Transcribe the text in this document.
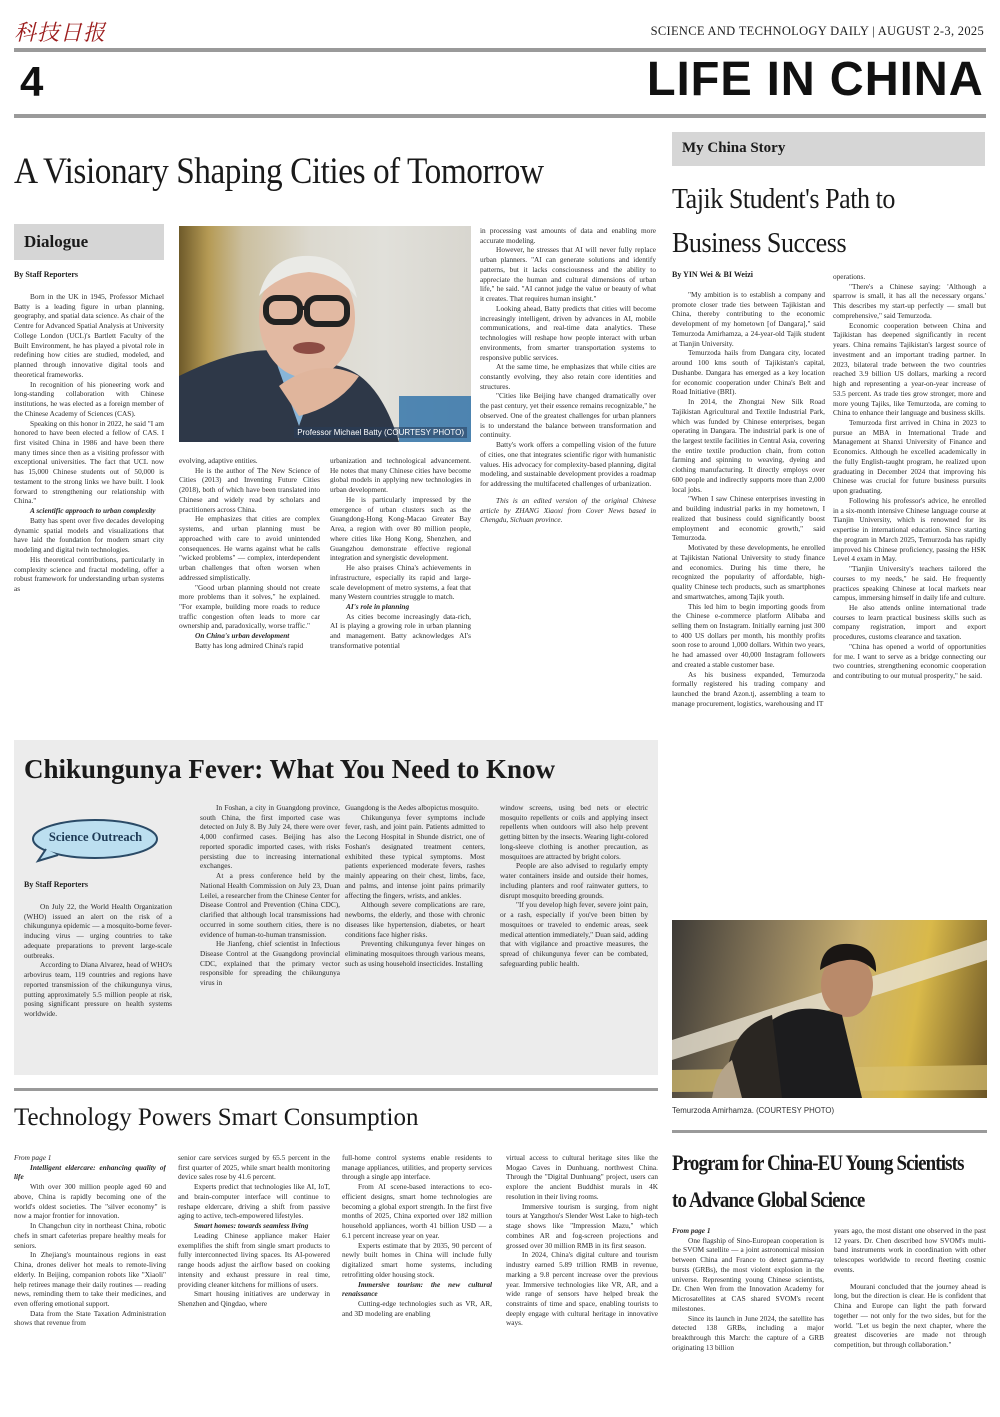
科技日报	SCIENCE AND TECHNOLOGY DAILY | AUGUST 2-3, 2025
4	LIFE IN CHINA
A Visionary Shaping Cities of Tomorrow
Dialogue
By Staff Reporters

Born in the UK in 1945, Professor Michael Batty is a leading figure in urban planning, geography, and spatial data science. As chair of the Centre for Advanced Spatial Analysis at University College London (UCL)'s Bartlett Faculty of the Built Environment, he has played a pivotal role in redefining how cities are studied, modeled, and planned through innovative digital tools and theoretical frameworks.

In recognition of his pioneering work and long-standing collaboration with Chinese institutions, he was elected as a foreign member of the Chinese Academy of Sciences (CAS).

Speaking on this honor in 2022, he said "I am honored to have been elected a fellow of CAS. I first visited China in 1986 and have been there many times since then as a visiting professor with exceptional universities. The fact that UCL now has 15,000 Chinese students out of 50,000 is testament to the strong links we have built. I look forward to strengthening our relationship with China."

A scientific approach to urban complexity

Batty has spent over five decades developing dynamic spatial models and visualizations that have laid the foundation for modern smart city modeling and digital twin technologies.

His theoretical contributions, particularly in complexity science and fractal modeling, offer a robust framework for understanding urban systems as

Professor Michael Batty (COURTESY PHOTO)

evolving, adaptive entities.

He is the author of The New Science of Cities (2013) and Inventing Future Cities (2018), both of which have been translated into Chinese and widely read by scholars and practitioners across China.

He emphasizes that cities are complex systems, and urban planning must be approached with care to avoid unintended consequences. He warns against what he calls "wicked problems" — complex, interdependent urban challenges that often worsen when addressed simplistically.

"Good urban planning should not create more problems than it solves," he explained. "For example, building more roads to reduce traffic congestion often leads to more car ownership and, paradoxically, worse traffic."

On China's urban development

Batty has long admired China's rapid

urbanization and technological advancement. He notes that many Chinese cities have become global models in applying new technologies in urban development.

He is particularly impressed by the emergence of urban clusters such as the Guangdong-Hong Kong-Macao Greater Bay Area, a region with over 80 million people, where cities like Hong Kong, Shenzhen, and Guangzhou demonstrate effective regional integration and synergistic development.

He also praises China's achievements in infrastructure, especially its rapid and large-scale development of metro systems, a feat that many Western countries struggle to match.

AI's role in planning

As cities become increasingly data-rich, AI is playing a growing role in urban planning and management. Batty acknowledges AI's transformative potential

in processing vast amounts of data and enabling more accurate modeling.

However, he stresses that AI will never fully replace urban planners. "AI can generate solutions and identify patterns, but it lacks consciousness and the ability to appreciate the human and cultural dimensions of urban life," he said. "AI cannot judge the value or beauty of what it creates. That requires human insight."

Looking ahead, Batty predicts that cities will become increasingly intelligent, driven by advances in AI, mobile communications, and real-time data analytics. These technologies will reshape how people interact with urban environments, from smarter transportation systems to responsive public services.

At the same time, he emphasizes that while cities are constantly evolving, they also retain core identities and structures.

"Cities like Beijing have changed dramatically over the past century, yet their essence remains recognizable," he observed. One of the greatest challenges for urban planners is to understand the balance between transformation and continuity.

Batty's work offers a compelling vision of the future of cities, one that integrates scientific rigor with humanistic values. His advocacy for complexity-based planning, digital modeling, and sustainable development provides a roadmap for addressing the multifaceted challenges of urbanization.

This is an edited version of the original Chinese article by ZHANG Xiaoxi from Cover News based in Chengdu, Sichuan province.

Chikungunya Fever: What You Need to Know
Science Outreach
By Staff Reporters

On July 22, the World Health Organization (WHO) issued an alert on the risk of a chikungunya epidemic — a mosquito-borne fever-inducing virus — urging countries to take adequate preparations to prevent large-scale outbreaks.

According to Diana Alvarez, head of WHO's arbovirus team, 119 countries and regions have reported transmission of the chikungunya virus, putting approximately 5.5 million people at risk, posing significant pressure on health systems worldwide.

In Foshan, a city in Guangdong province, south China, the first imported case was detected on July 8. By July 24, there were over 4,000 confirmed cases. Beijing has also reported sporadic imported cases, with risks persisting due to increasing international exchanges.

At a press conference held by the National Health Commission on July 23, Duan Leilei, a researcher from the Chinese Center for Disease Control and Prevention (China CDC), clarified that although local transmissions had occurred in some southern cities, there is no evidence of human-to-human transmission.

He Jianfeng, chief scientist in Infectious Disease Control at the Guangdong provincial CDC, explained that the primary vector responsible for spreading the chikungunya virus in

Guangdong is the Aedes albopictus mosquito.

Chikungunya fever symptoms include fever, rash, and joint pain. Patients admitted to the Lecong Hospital in Shunde district, one of Foshan's designated treatment centers, exhibited these typical symptoms. Most patients experienced moderate fevers, rashes mainly appearing on their chest, limbs, face, and palms, and intense joint pains primarily affecting the fingers, wrists, and ankles.

Although severe complications are rare, newborns, the elderly, and those with chronic diseases like hypertension, diabetes, or heart conditions face higher risks.

Preventing chikungunya fever hinges on eliminating mosquitoes through various means, such as using household insecticides. Installing

window screens, using bed nets or electric mosquito repellents or coils and applying insect repellents when outdoors will also help prevent getting bitten by the insects. Wearing light-colored long-sleeve clothing is another precaution, as mosquitoes are attracted by bright colors.

People are also advised to regularly empty water containers inside and outside their homes, including planters and roof rainwater gutters, to disrupt mosquito breeding grounds.

"If you develop high fever, severe joint pain, or a rash, especially if you've been bitten by mosquitoes or traveled to endemic areas, seek medical attention immediately," Duan said, adding that with vigilance and proactive measures, the spread of chikungunya fever can be combated, safeguarding public health.

My China Story
Tajik Student's Path to
Business Success
By YIN Wei & BI Weizi

"My ambition is to establish a company and promote closer trade ties between Tajikistan and China, thereby contributing to the economic development of my hometown [of Dangara]," said Temurzoda Amirhamza, a 24-year-old Tajik student at Tianjin University.

Temurzoda hails from Dangara city, located around 100 kms south of Tajikistan's capital, Dushanbe. Dangara has emerged as a key location for economic cooperation under China's Belt and Road Initiative (BRI).

In 2014, the Zhongtai New Silk Road Tajikistan Agricultural and Textile Industrial Park, which was funded by Chinese enterprises, began operating in Dangara. The industrial park is one of the largest textile facilities in Central Asia, covering the entire textile production chain, from cotton farming and spinning to weaving, dyeing and clothing manufacturing. It directly employs over 600 people and indirectly supports more than 2,000 local jobs.

"When I saw Chinese enterprises investing in and building industrial parks in my hometown, I realized that business could significantly boost employment and economic growth," said Temurzoda.

Motivated by these developments, he enrolled at Tajikistan National University to study finance and economics. During his time there, he recognized the popularity of affordable, high-quality Chinese tech products, such as smartphones and smartwatches, among Tajik youth.

This led him to begin importing goods from the Chinese e-commerce platform Alibaba and selling them on Instagram. Initially earning just 300 to 400 US dollars per month, his monthly profits soon rose to around 1,000 dollars. Within two years, he had amassed over 40,000 Instagram followers and created a stable customer base.

As his business expanded, Temurzoda formally registered his trading company and launched the brand Azon.tj, assembling a team to manage procurement, logistics, warehousing and IT

operations.

"There's a Chinese saying: 'Although a sparrow is small, it has all the necessary organs.' This describes my start-up perfectly — small but comprehensive," said Temurzoda.

Economic cooperation between China and Tajikistan has deepened significantly in recent years. China remains Tajikistan's largest source of investment and an important trading partner. In 2023, bilateral trade between the two countries reached 3.9 billion US dollars, marking a record high and representing a year-on-year increase of 53.5 percent. As trade ties grow stronger, more and more young Tajiks, like Temurzoda, are coming to China to enhance their language and business skills.

Temurzoda first arrived in China in 2023 to pursue an MBA in International Trade and Management at Shanxi University of Finance and Economics. Although he excelled academically in the fully English-taught program, he realized upon graduating in December 2024 that improving his Chinese was crucial for future business pursuits upon graduating.

Following his professor's advice, he enrolled in a six-month intensive Chinese language course at Tianjin University, which is renowned for its expertise in international education. Since starting the program in March 2025, Temurzoda has rapidly improved his Chinese proficiency, passing the HSK Level 4 exam in May.

"Tianjin University's teachers tailored the courses to my needs," he said. He frequently practices speaking Chinese at local markets near campus, immersing himself in daily life and culture.

He also attends online international trade courses to learn practical business skills such as company registration, import and export procedures, customs clearance and taxation.

"China has opened a world of opportunities for me. I want to serve as a bridge connecting our two countries, strengthening economic cooperation and contributing to our mutual prosperity," he said.

Temurzoda Amirhamza. (COURTESY PHOTO)
Technology Powers Smart Consumption

From page 1

Intelligent eldercare: enhancing quality of life

With over 300 million people aged 60 and above, China is rapidly becoming one of the world's oldest societies. The "silver economy" is now a major frontier for innovation.

In Changchun city in northeast China, robotic chefs in smart cafeterias prepare healthy meals for seniors.

In Zhejiang's mountainous regions in east China, drones deliver hot meals to remote-living elderly. In Beijing, companion robots like "Xiaoli" help retirees manage their daily routines — reading news, reminding them to take their medicines, and even offering emotional support.

Data from the State Taxation Administration shows that revenue from

senior care services surged by 65.5 percent in the first quarter of 2025, while smart health monitoring device sales rose by 41.6 percent.

Experts predict that technologies like AI, IoT, and brain-computer interface will continue to reshape eldercare, driving a shift from passive aging to active, tech-empowered lifestyles.

Smart homes: towards seamless living

Leading Chinese appliance maker Haier exemplifies the shift from single smart products to fully interconnected living spaces. Its AI-powered range hoods adjust the airflow based on cooking intensity and exhaust pressure in real time, providing cleaner kitchens for millions of users.

Smart housing initiatives are underway in Shenzhen and Qingdao, where

full-home control systems enable residents to manage appliances, utilities, and property services through a single app interface.

From AI scene-based interactions to eco-efficient designs, smart home technologies are becoming a global export strength. In the first five months of 2025, China exported over 182 million household appliances, worth 41 billion USD — a 6.1 percent increase year on year.

Experts estimate that by 2035, 90 percent of newly built homes in China will include fully digitalized smart home systems, including retrofitting older housing stock.

Immersive tourism: the new cultural renaissance

Cutting-edge technologies such as VR, AR, and 3D modeling are enabling

virtual access to cultural heritage sites like the Mogao Caves in Dunhuang, northwest China. Through the "Digital Dunhuang" project, users can explore the ancient Buddhist murals in 4K resolution in their living rooms.

Immersive tourism is surging, from night tours at Yangzhou's Slender West Lake to high-tech stage shows like "Impression Mazu," which combines AR and fog-screen projections and grossed over 30 million RMB in its first season.

In 2024, China's digital culture and tourism industry earned 5.89 trillion RMB in revenue, marking a 9.8 percent increase over the previous year. Immersive technologies like VR, AR, and a wide range of sensors have helped break the constraints of time and space, enabling tourists to deeply engage with cultural heritage in innovative ways.

Program for China-EU Young Scientists
to Advance Global Science

From page 1

One flagship of Sino-European cooperation is the SVOM satellite — a joint astronomical mission between China and France to detect gamma-ray bursts (GRBs), the most violent explosion in the universe. Representing young Chinese scientists, Dr. Chen Wen from the Innovation Academy for Microsatellites at CAS shared SVOM's recent milestones.

Since its launch in June 2024, the satellite has detected 138 GRBs, including a major breakthrough this March: the capture of a GRB originating 13 billion

years ago, the most distant one observed in the past 12 years. Dr. Chen described how SVOM's multi-band instruments work in coordination with other telescopes worldwide to record fleeting cosmic events.

Mourani concluded that the journey ahead is long, but the direction is clear. He is confident that China and Europe can light the path forward together — not only for the two sides, but for the world. "Let us begin the next chapter, where the greatest discoveries are made not through competition, but through collaboration."
